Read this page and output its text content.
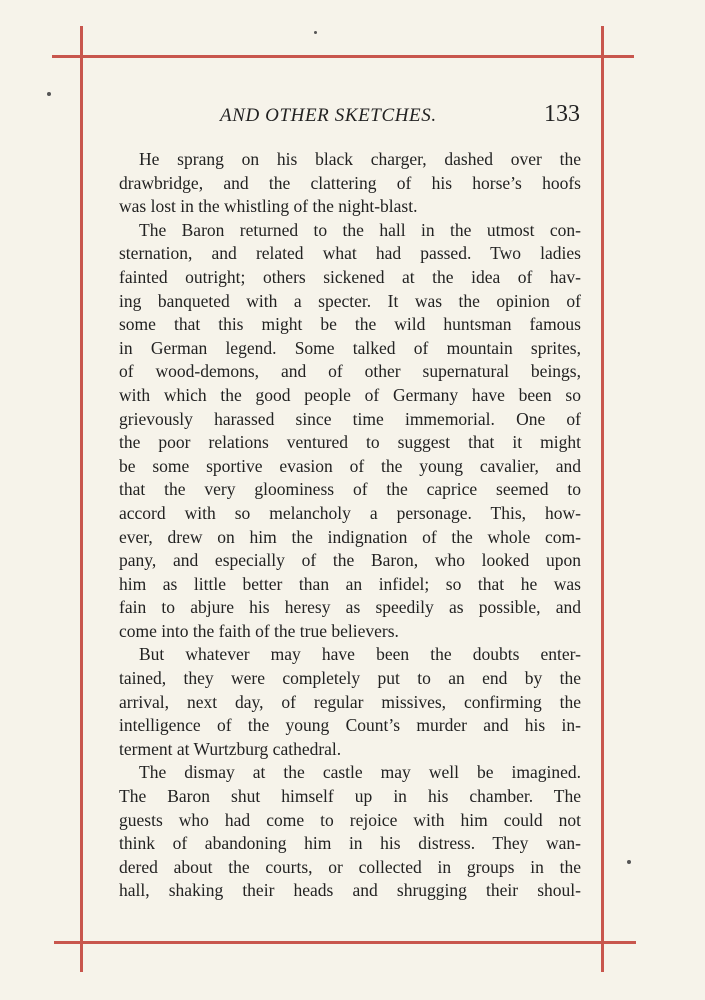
AND OTHER SKETCHES.	133
He sprang on his black charger, dashed over the
drawbridge, and the clattering of his horse’s hoofs
was lost in the whistling of the night-blast.
The Baron returned to the hall in the utmost con-
sternation, and related what had passed. Two ladies
fainted outright; others sickened at the idea of hav-
ing banqueted with a specter. It was the opinion of
some that this might be the wild huntsman famous
in German legend. Some talked of mountain sprites,
of wood-demons, and of other supernatural beings,
with which the good people of Germany have been so
grievously harassed since time immemorial. One of
the poor relations ventured to suggest that it might
be some sportive evasion of the young cavalier, and
that the very gloominess of the caprice seemed to
accord with so melancholy a personage. This, how-
ever, drew on him the indignation of the whole com-
pany, and especially of the Baron, who looked upon
him as little better than an infidel; so that he was
fain to abjure his heresy as speedily as possible, and
come into the faith of the true believers.
But whatever may have been the doubts enter-
tained, they were completely put to an end by the
arrival, next day, of regular missives, confirming the
intelligence of the young Count’s murder and his in-
terment at Wurtzburg cathedral.
The dismay at the castle may well be imagined.
The Baron shut himself up in his chamber. The
guests who had come to rejoice with him could not
think of abandoning him in his distress. They wan-
dered about the courts, or collected in groups in the
hall, shaking their heads and shrugging their shoul-
